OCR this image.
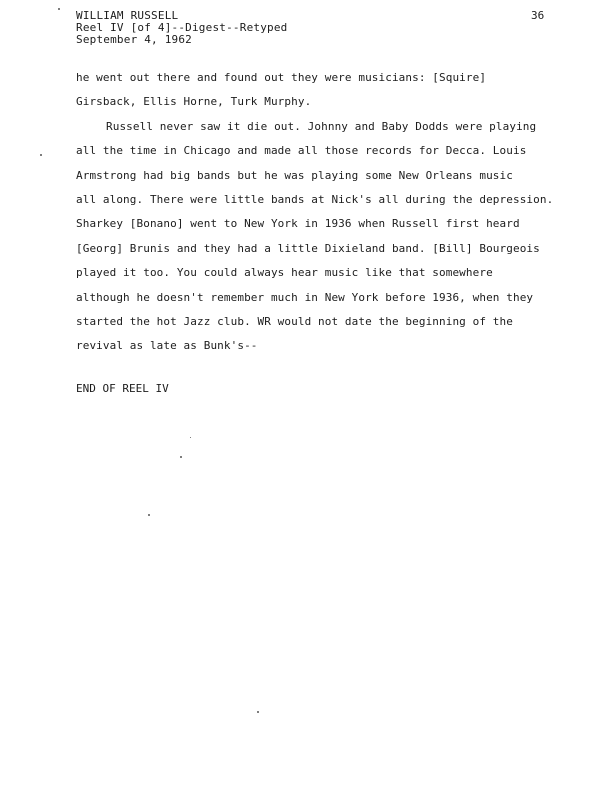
WILLIAM RUSSELL
Reel IV [of 4]--Digest--Retyped
September 4, 1962
36
he went out there and found out they were musicians: [Squire]
Girsback, Ellis Horne, Turk Murphy.
Russell never saw it die out. Johnny and Baby Dodds were playing
all the time in Chicago and made all those records for Decca. Louis
Armstrong had big bands but he was playing some New Orleans music
all along. There were little bands at Nick's all during the depression.
Sharkey [Bonano] went to New York in 1936 when Russell first heard
[Georg] Brunis and they had a little Dixieland band. [Bill] Bourgeois
played it too. You could always hear music like that somewhere
although he doesn't remember much in New York before 1936, when they
started the hot Jazz club. WR would not date the beginning of the
revival as late as Bunk's--
END OF REEL IV
